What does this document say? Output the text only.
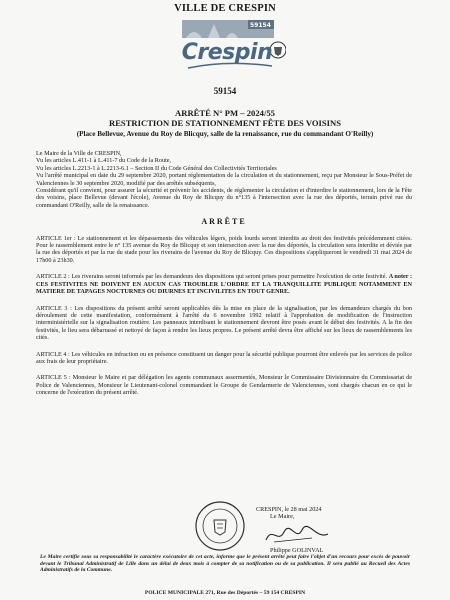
VILLE DE CRESPIN
59154
Crespin
59154
ARRÊTÉ N° PM – 2024/55
RESTRICTION DE STATIONNEMENT FÊTE DES VOISINS
(Place Bellevue, Avenue du Roy de Blicquy, salle de la renaissance, rue du commandant O'Reilly)

Le Maire de la Ville de CRESPIN,

Vu les articles L.411-1 à L.411-7 du Code de la Route,

Vu les articles L.2213-1 à L.2213-6.1 – Section II du Code Général des Collectivités Territoriales

Vu l'arrêté municipal en date du 29 septembre 2020, portant réglementation de la circulation et du stationnement, reçu par Monsieur le Sous-Préfet de Valenciennes le 30 septembre 2020, modifié par des arrêtés subséquents,

Considérant qu'il convient, pour assurer la sécurité et prévenir les accidents, de réglementer la circulation et d'interdire le stationnement, lors de la Fête des voisins, place Bellevue (devant l'école), Avenue du Roy de Blicquy du n°135 à l'intersection avec la rue des déportés, terrain privé rue du commandant O'Reilly, salle de la renaissance.

ARRÊTE

ARTICLE 1er : Le stationnement et les dépassements des véhicules légers, poids lourds seront interdits au droit des festivités précédemment citées. Pour le rassemblement entre le n° 135 avenue du Roy de Blicquy et son intersection avec la rue des déportés, la circulation sera interdite et déviée par la rue des déportés et par la rue du stade pour les riverains de l'avenue du Roy de Blicquy. Ces dispositions s'appliqueront le vendredi 31 mai 2024 de 17h00 à 23h30.

ARTICLE 2 : Les riverains seront informés par les demandeurs des dispositions qui seront prises pour permettre l'exécution de cette festivité. A noter : CES FESTIVITES NE DOIVENT EN AUCUN CAS TROUBLER L'ORDRE ET LA TRANQUILLITE PUBLIQUE NOTAMMENT EN MATIERE DE TAPAGES NOCTURNES OU DIURNES ET INCIVILITES EN TOUT GENRE.

ARTICLE 3 : Les dispositions du présent arrêté seront applicables dès la mise en place de la signalisation, par les demandeurs chargés du bon déroulement de cette manifestation, conformément à l'arrêté du 6 novembre 1992 relatif à l'approbation de modification de l'instruction interministérielle sur la signalisation routière. Les panneaux interdisant le stationnement devront être posés avant le début des festivités. A la fin des festivités, le lieu sera débarrassé et nettoyé de façon à rendre les lieux propres. Le présent arrêté devra être affiché sur les lieux de rassemblements les cités.

ARTICLE 4 : Les véhicules en infraction ou en présence constituent un danger pour la sécurité publique pourront être enlevés par les services de police aux frais de leur propriétaire.

ARTICLE 5 : Monsieur le Maire et par délégation les agents communaux assermentés, Monsieur le Commissaire Divisionnaire du Commissariat de Police de Valenciennes, Monsieur le Lieutenant-colonel commandant le Groupe de Gendarmerie de Valenciennes, sont chargés chacun en ce qui le concerne de l'exécution du présent arrêté.

CRESPIN, le 28 mai 2024
Le Maire,
Philippe GOLINVAL
Le Maire certifie sous sa responsabilité le caractère exécutoire de cet acte, informe que le présent arrêté peut faire l'objet d'un recours pour excès de pouvoir devant le Tribunal Administratif de Lille dans un délai de deux mois à compter de sa notification ou de sa publication. Il sera publié au Recueil des Actes Administratifs de la Commune.
POLICE MUNICIPALE 271, Rue des Déportés – 59 154 CRESPIN
